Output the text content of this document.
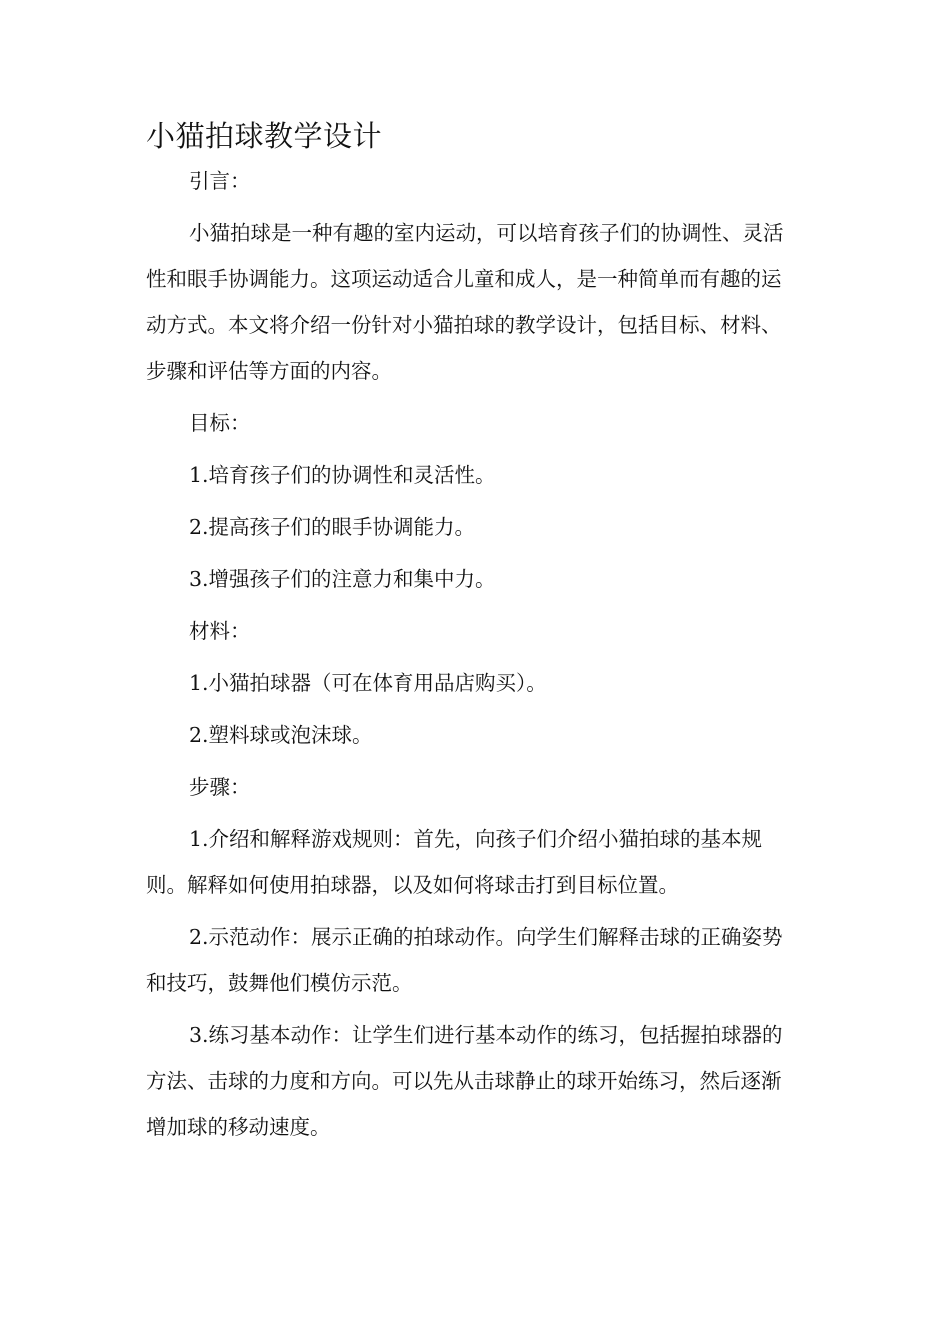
小猫拍球教学设计

引言：

小猫拍球是一种有趣的室内运动，可以培育孩子们的协调性、灵活性和眼手协调能力。这项运动适合儿童和成人，是一种简单而有趣的运动方式。本文将介绍一份针对小猫拍球的教学设计，包括目标、材料、步骤和评估等方面的内容。

目标：

1.培育孩子们的协调性和灵活性。

2.提高孩子们的眼手协调能力。

3.增强孩子们的注意力和集中力。

材料：

1.小猫拍球器（可在体育用品店购买）。

2.塑料球或泡沫球。

步骤：

1.介绍和解释游戏规则：首先，向孩子们介绍小猫拍球的基本规则。解释如何使用拍球器，以及如何将球击打到目标位置。

2.示范动作：展示正确的拍球动作。向学生们解释击球的正确姿势和技巧，鼓舞他们模仿示范。

3.练习基本动作：让学生们进行基本动作的练习，包括握拍球器的方法、击球的力度和方向。可以先从击球静止的球开始练习，然后逐渐增加球的移动速度。
